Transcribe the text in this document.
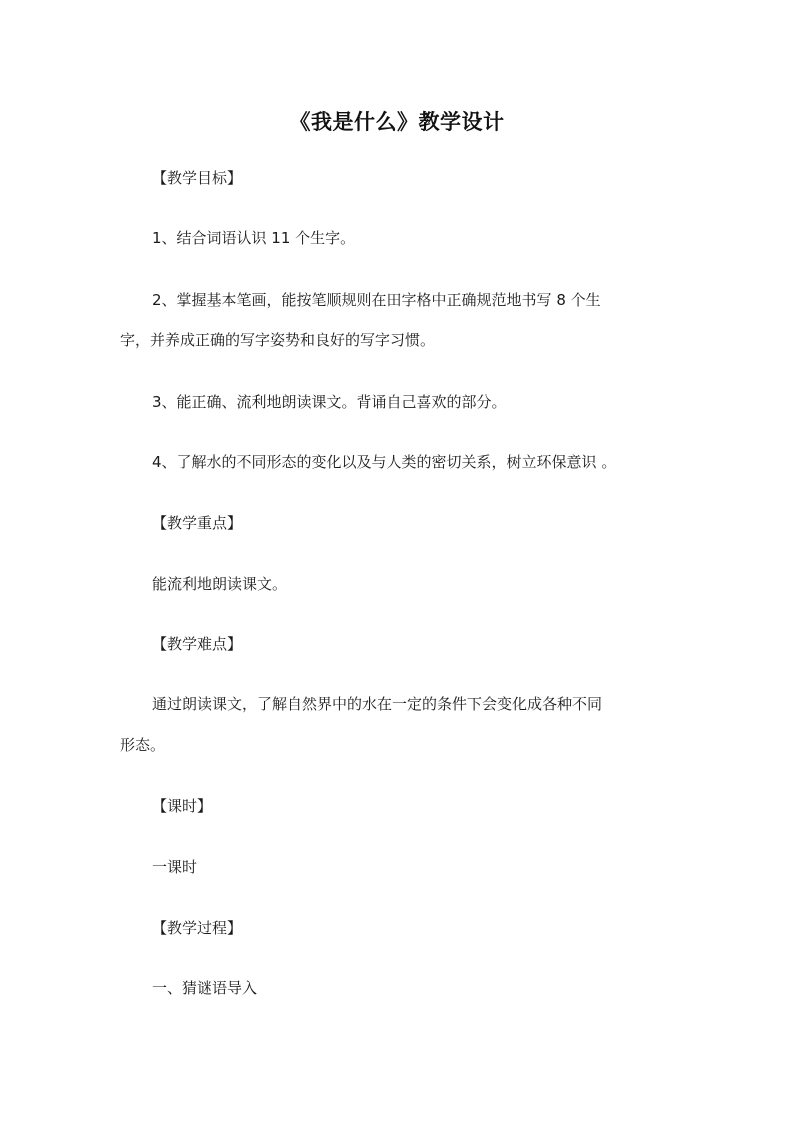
《我是什么》教学设计
【教学目标】
1、结合词语认识 11 个生字。
2、掌握基本笔画，能按笔顺规则在田字格中正确规范地书写 8 个生
字，并养成正确的写字姿势和良好的写字习惯。
3、能正确、流利地朗读课文。背诵自己喜欢的部分。
4、了解水的不同形态的变化以及与人类的密切关系，树立环保意识 。
【教学重点】
能流利地朗读课文。
【教学难点】
通过朗读课文，了解自然界中的水在一定的条件下会变化成各种不同
形态。
【课时】
一课时
【教学过程】
一、猜谜语导入
